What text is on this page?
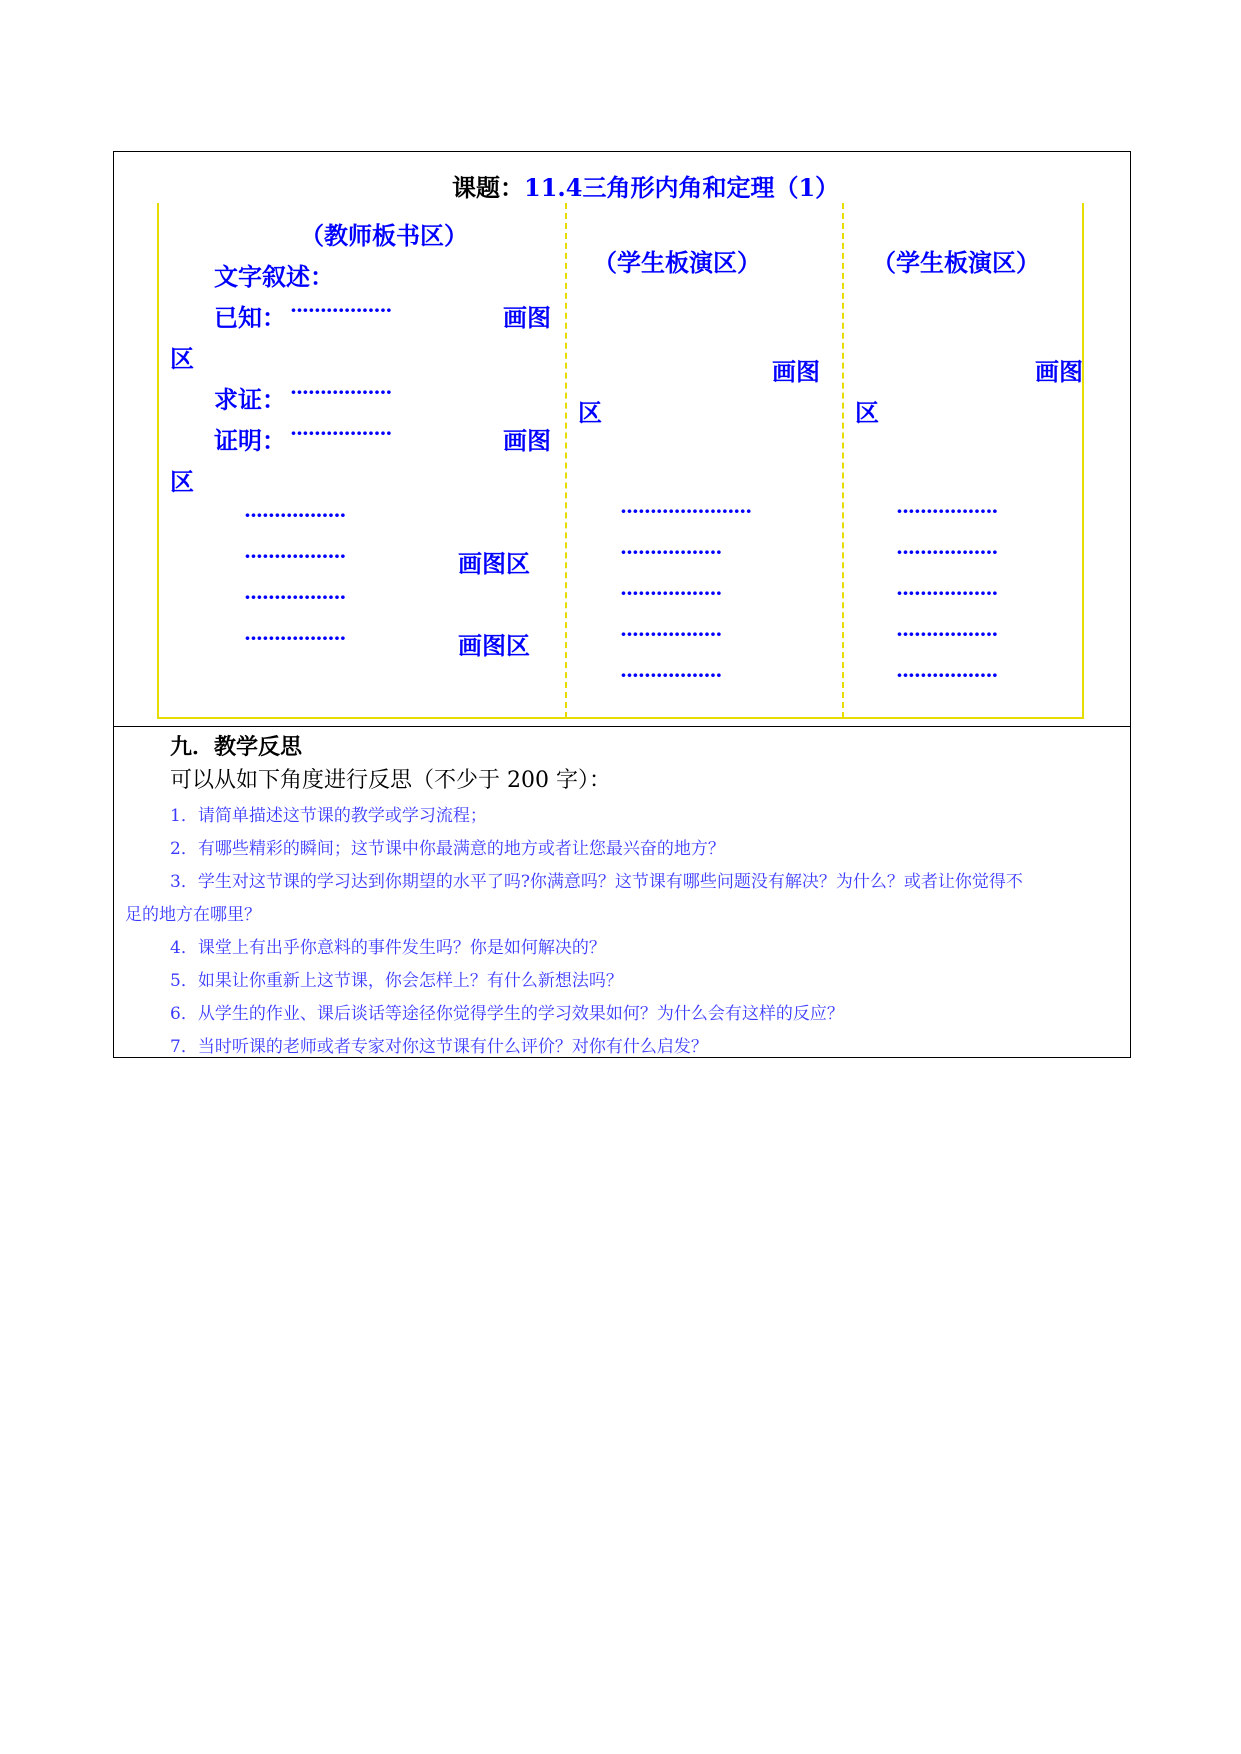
课题：11.4三角形内角和定理（1）
（教师板书区）
文字叙述：
已知： ·················	画图
区
求证： ·················
证明： ·················	画图
区
·················
·················	画图区
·················
·················	画图区
（学生板演区）
画图
区
······················
·················
·················
·················
·················
（学生板演区）
画图
区
·················
·················
·················
·················
·················
九．教学反思
可以从如下角度进行反思（不少于 200 字）：
1．请简单描述这节课的教学或学习流程；
2．有哪些精彩的瞬间；这节课中你最满意的地方或者让您最兴奋的地方？
3．学生对这节课的学习达到你期望的水平了吗?你满意吗？这节课有哪些问题没有解决？为什么？或者让你觉得不
足的地方在哪里？
4．课堂上有出乎你意料的事件发生吗？你是如何解决的？
5．如果让你重新上这节课，你会怎样上？有什么新想法吗？
6．从学生的作业、课后谈话等途径你觉得学生的学习效果如何？为什么会有这样的反应？
7．当时听课的老师或者专家对你这节课有什么评价？对你有什么启发？
